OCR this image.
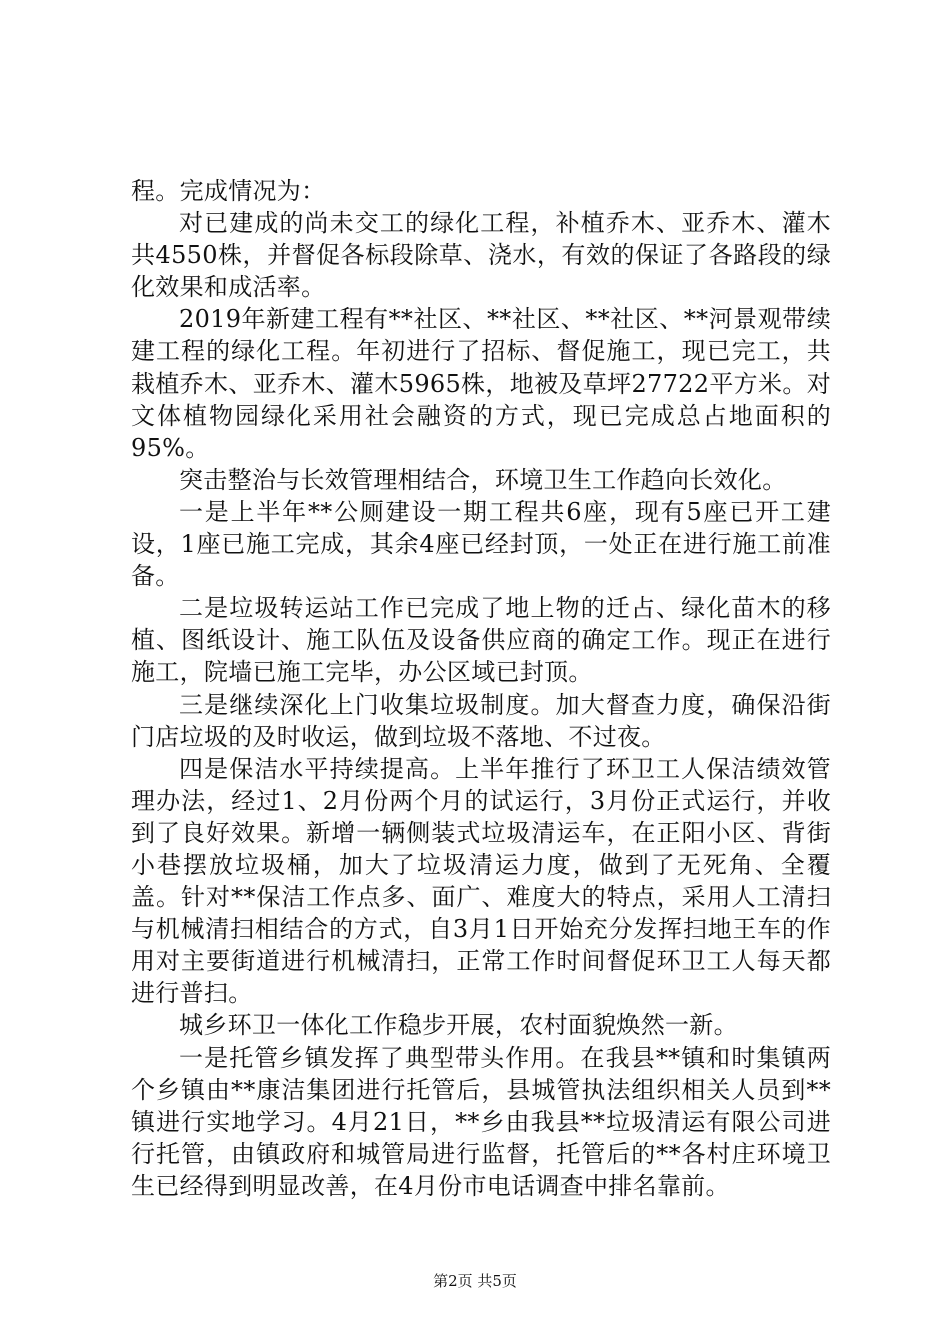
程。完成情况为：

对已建成的尚未交工的绿化工程，补植乔木、亚乔木、灌木共4550株，并督促各标段除草、浇水，有效的保证了各路段的绿化效果和成活率。

2019年新建工程有**社区、**社区、**社区、**河景观带续建工程的绿化工程。年初进行了招标、督促施工，现已完工，共栽植乔木、亚乔木、灌木5965株，地被及草坪27722平方米。对文体植物园绿化采用社会融资的方式，现已完成总占地面积的95%。

突击整治与长效管理相结合，环境卫生工作趋向长效化。

一是上半年**公厕建设一期工程共6座，现有5座已开工建设，1座已施工完成，其余4座已经封顶，一处正在进行施工前准备。

二是垃圾转运站工作已完成了地上物的迁占、绿化苗木的移植、图纸设计、施工队伍及设备供应商的确定工作。现正在进行施工，院墙已施工完毕，办公区域已封顶。

三是继续深化上门收集垃圾制度。加大督查力度，确保沿街门店垃圾的及时收运，做到垃圾不落地、不过夜。

四是保洁水平持续提高。上半年推行了环卫工人保洁绩效管理办法，经过1、2月份两个月的试运行，3月份正式运行，并收到了良好效果。新增一辆侧装式垃圾清运车，在正阳小区、背街小巷摆放垃圾桶，加大了垃圾清运力度，做到了无死角、全覆盖。针对**保洁工作点多、面广、难度大的特点，采用人工清扫与机械清扫相结合的方式，自3月1日开始充分发挥扫地王车的作用对主要街道进行机械清扫，正常工作时间督促环卫工人每天都进行普扫。

城乡环卫一体化工作稳步开展，农村面貌焕然一新。

一是托管乡镇发挥了典型带头作用。在我县**镇和时集镇两个乡镇由**康洁集团进行托管后，县城管执法组织相关人员到**镇进行实地学习。4月21日，**乡由我县**垃圾清运有限公司进行托管，由镇政府和城管局进行监督，托管后的**各村庄环境卫生已经得到明显改善，在4月份市电话调查中排名靠前。

第2页 共5页
